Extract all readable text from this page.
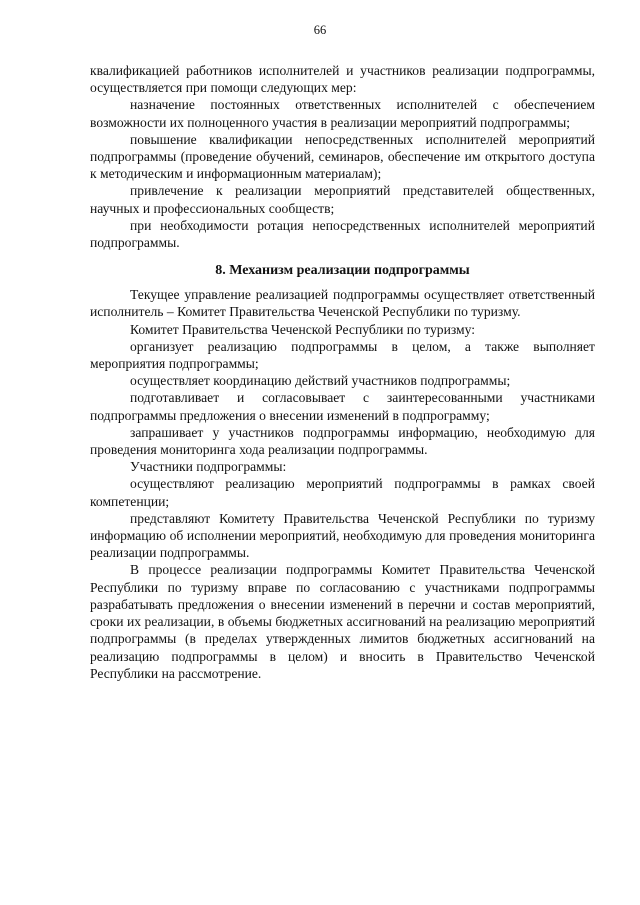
66

квалификацией работников исполнителей и участников реализации подпрограммы, осуществляется при помощи следующих мер:

назначение постоянных ответственных исполнителей с обеспечением возможности их полноценного участия в реализации мероприятий подпрограммы;

повышение квалификации непосредственных исполнителей мероприятий подпрограммы (проведение обучений, семинаров, обеспечение им открытого доступа к методическим и информационным материалам);

привлечение к реализации мероприятий представителей общественных, научных и профессиональных сообществ;

при необходимости ротация непосредственных исполнителей мероприятий подпрограммы.

8. Механизм реализации подпрограммы

Текущее управление реализацией подпрограммы осуществляет ответственный исполнитель – Комитет Правительства Чеченской Республики по туризму.

Комитет Правительства Чеченской Республики по туризму:

организует реализацию подпрограммы в целом, а также выполняет мероприятия подпрограммы;

осуществляет координацию действий участников подпрограммы;

подготавливает и согласовывает с заинтересованными участниками подпрограммы предложения о внесении изменений в подпрограмму;

запрашивает у участников подпрограммы информацию, необходимую для проведения мониторинга хода реализации подпрограммы.

Участники подпрограммы:

осуществляют реализацию мероприятий подпрограммы в рамках своей компетенции;

представляют Комитету Правительства Чеченской Республики по туризму информацию об исполнении мероприятий, необходимую для проведения мониторинга реализации подпрограммы.

В процессе реализации подпрограммы Комитет Правительства Чеченской Республики по туризму вправе по согласованию с участниками подпрограммы разрабатывать предложения о внесении изменений в перечни и состав мероприятий, сроки их реализации, в объемы бюджетных ассигнований на реализацию мероприятий подпрограммы (в пределах утвержденных лимитов бюджетных ассигнований на реализацию подпрограммы в целом) и вносить в Правительство Чеченской Республики на рассмотрение.
